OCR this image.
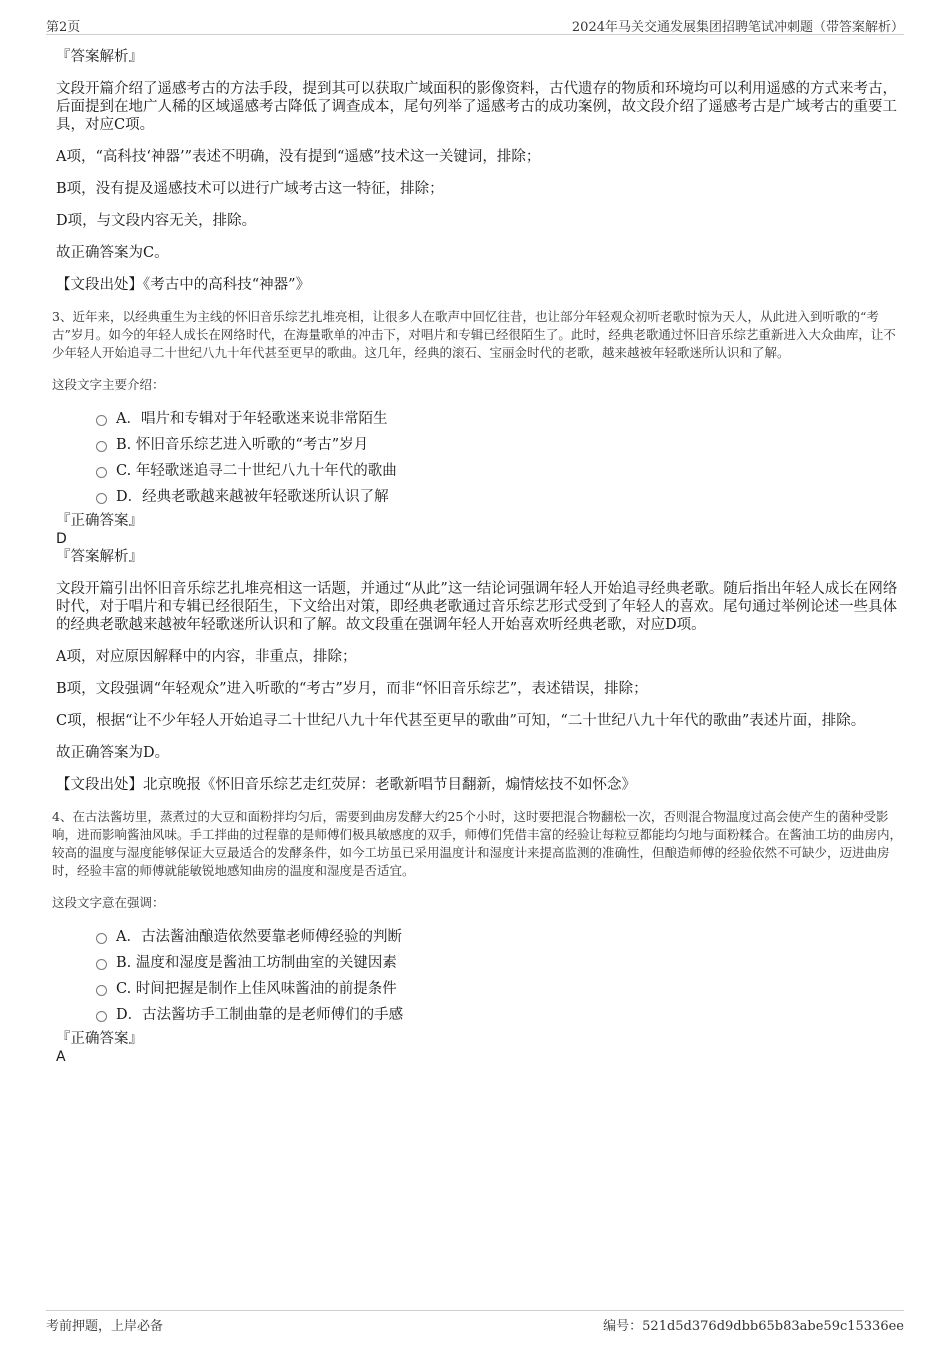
第2页	2024年马关交通发展集团招聘笔试冲刺题（带答案解析）

『答案解析』

文段开篇介绍了遥感考古的方法手段，提到其可以获取广域面积的影像资料，古代遗存的物质和环境均可以利用遥感的方式来考古，后面提到在地广人稀的区域遥感考古降低了调查成本，尾句列举了遥感考古的成功案例，故文段介绍了遥感考古是广域考古的重要工具，对应C项。

A项，“高科技‘神器’”表述不明确，没有提到“遥感”技术这一关键词，排除；

B项，没有提及遥感技术可以进行广域考古这一特征，排除；

D项，与文段内容无关，排除。

故正确答案为C。

【文段出处】《考古中的高科技“神器”》

3、近年来，以经典重生为主线的怀旧音乐综艺扎堆亮相，让很多人在歌声中回忆往昔，也让部分年轻观众初听老歌时惊为天人，从此进入到听歌的“考古”岁月。如今的年轻人成长在网络时代，在海量歌单的冲击下，对唱片和专辑已经很陌生了。此时，经典老歌通过怀旧音乐综艺重新进入大众曲库，让不少年轻人开始追寻二十世纪八九十年代甚至更早的歌曲。这几年，经典的滚石、宝丽金时代的老歌，越来越被年轻歌迷所认识和了解。

这段文字主要介绍：

A．唱片和专辑对于年轻歌迷来说非常陌生
B. 怀旧音乐综艺进入听歌的“考古”岁月
C. 年轻歌迷追寻二十世纪八九十年代的歌曲
D．经典老歌越来越被年轻歌迷所认识了解

『正确答案』

D

『答案解析』

文段开篇引出怀旧音乐综艺扎堆亮相这一话题，并通过“从此”这一结论词强调年轻人开始追寻经典老歌。随后指出年轻人成长在网络时代，对于唱片和专辑已经很陌生，下文给出对策，即经典老歌通过音乐综艺形式受到了年轻人的喜欢。尾句通过举例论述一些具体的经典老歌越来越被年轻歌迷所认识和了解。故文段重在强调年轻人开始喜欢听经典老歌，对应D项。

A项，对应原因解释中的内容，非重点，排除；

B项，文段强调“年轻观众”进入听歌的“考古”岁月，而非“怀旧音乐综艺”，表述错误，排除；

C项，根据“让不少年轻人开始追寻二十世纪八九十年代甚至更早的歌曲”可知，“二十世纪八九十年代的歌曲”表述片面，排除。

故正确答案为D。

【文段出处】北京晚报《怀旧音乐综艺走红荧屏：老歌新唱节目翻新，煽情炫技不如怀念》

4、在古法酱坊里，蒸煮过的大豆和面粉拌均匀后，需要到曲房发酵大约25个小时，这时要把混合物翻松一次，否则混合物温度过高会使产生的菌种受影响，进而影响酱油风味。手工拌曲的过程靠的是师傅们极具敏感度的双手，师傅们凭借丰富的经验让每粒豆都能均匀地与面粉糅合。在酱油工坊的曲房内，较高的温度与湿度能够保证大豆最适合的发酵条件，如今工坊虽已采用温度计和湿度计来提高监测的准确性，但酿造师傅的经验依然不可缺少，迈进曲房时，经验丰富的师傅就能敏锐地感知曲房的温度和湿度是否适宜。

这段文字意在强调：

A．古法酱油酿造依然要靠老师傅经验的判断
B. 温度和湿度是酱油工坊制曲室的关键因素
C. 时间把握是制作上佳风味酱油的前提条件
D．古法酱坊手工制曲靠的是老师傅们的手感

『正确答案』

A

考前押题，上岸必备	编号：521d5d376d9dbb65b83abe59c15336ee
